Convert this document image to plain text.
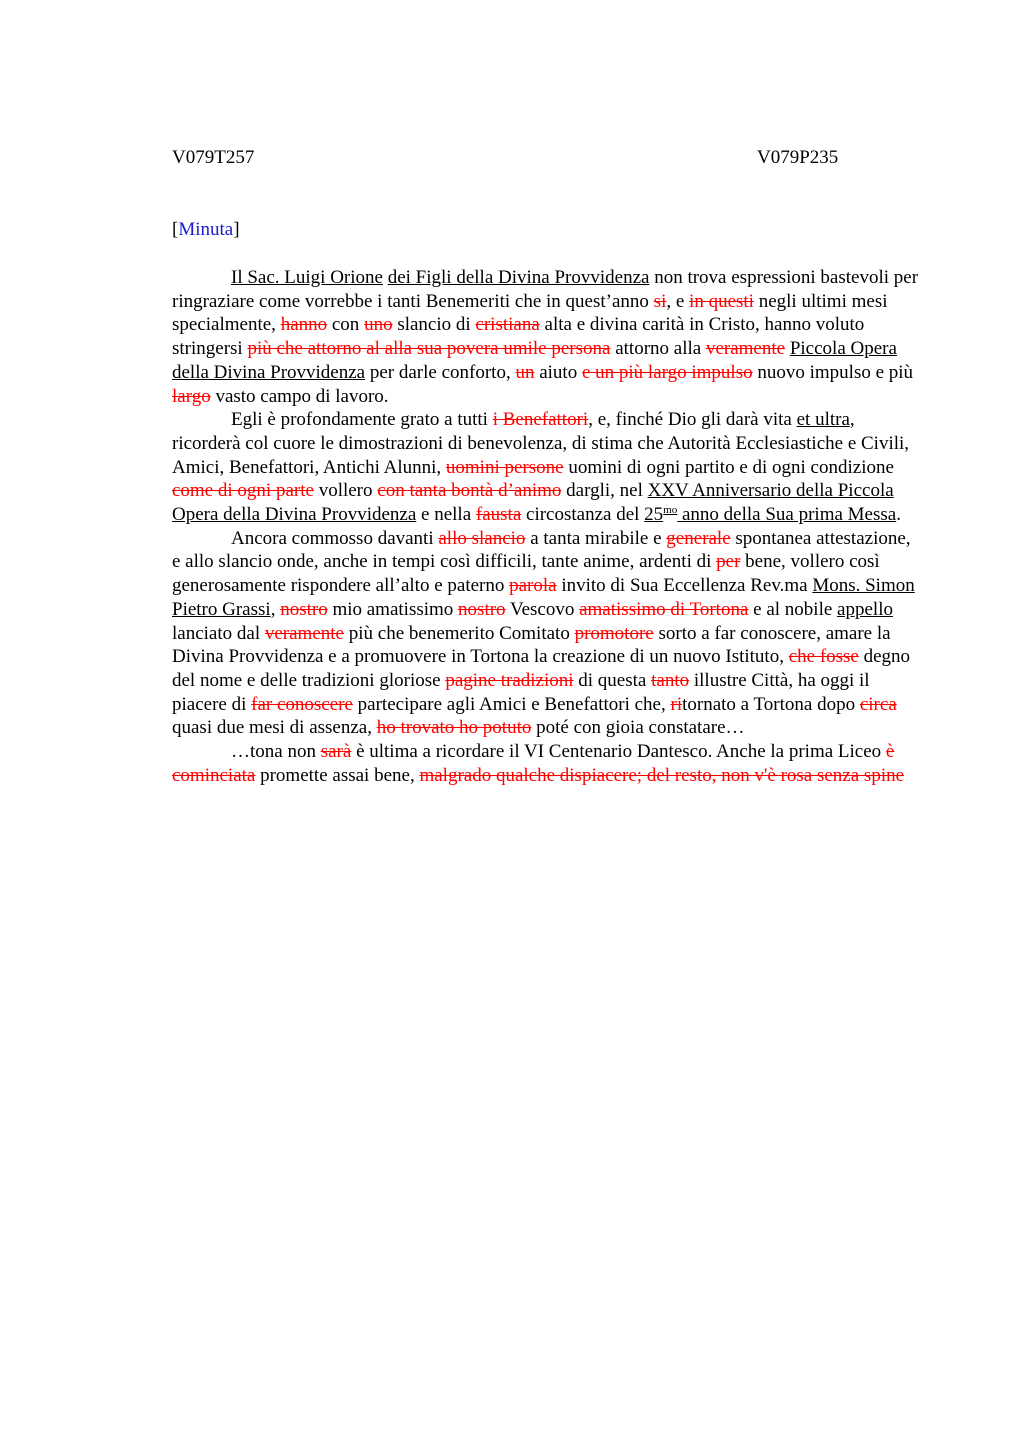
V079T257	V079P235
[Minuta]

Il Sac. Luigi Orione dei Figli della Divina Provvidenza non trova espressioni bastevoli per ringraziare come vorrebbe i tanti Benemeriti che in quest’anno si, e in questi negli ultimi mesi specialmente, hanno con uno slancio di cristiana alta e divina carità in Cristo, hanno voluto stringersi più che attorno al alla sua povera umile persona attorno alla veramente Piccola Opera della Divina Provvidenza per darle conforto, un aiuto e un più largo impulso nuovo impulso e più largo vasto campo di lavoro.

Egli è profondamente grato a tutti i Benefattori, e, finché Dio gli darà vita et ultra, ricorderà col cuore le dimostrazioni di benevolenza, di stima che Autorità Ecclesiastiche e Civili, Amici, Benefattori, Antichi Alunni, uomini persone uomini di ogni partito e di ogni condizione come di ogni parte vollero con tanta bontà d’animo dargli, nel XXV Anniversario della Piccola Opera della Divina Provvidenza e nella fausta circostanza del $25^{mo}$ anno della Sua prima Messa.

Ancora commosso davanti allo slancio a tanta mirabile e generale spontanea attestazione, e allo slancio onde, anche in tempi così difficili, tante anime, ardenti di per bene, vollero così generosamente rispondere all’alto e paterno parola invito di Sua Eccellenza Rev.ma Mons. Simon Pietro Grassi, nostro mio amatissimo nostro Vescovo amatissimo di Tortona e al nobile appello lanciato dal veramente più che benemerito Comitato promotore sorto a far conoscere, amare la Divina Provvidenza e a promuovere in Tortona la creazione di un nuovo Istituto, che fosse degno del nome e delle tradizioni gloriose pagine tradizioni di questa tanto illustre Città, ha oggi il piacere di far conoscere partecipare agli Amici e Benefattori che, ritornato a Tortona dopo circa quasi due mesi di assenza, ho trovato ho potuto poté con gioia constatare…

…tona non sarà è ultima a ricordare il VI Centenario Dantesco. Anche la prima Liceo è cominciata promette assai bene, malgrado qualche dispiacere; del resto, non v'è rosa senza spine
